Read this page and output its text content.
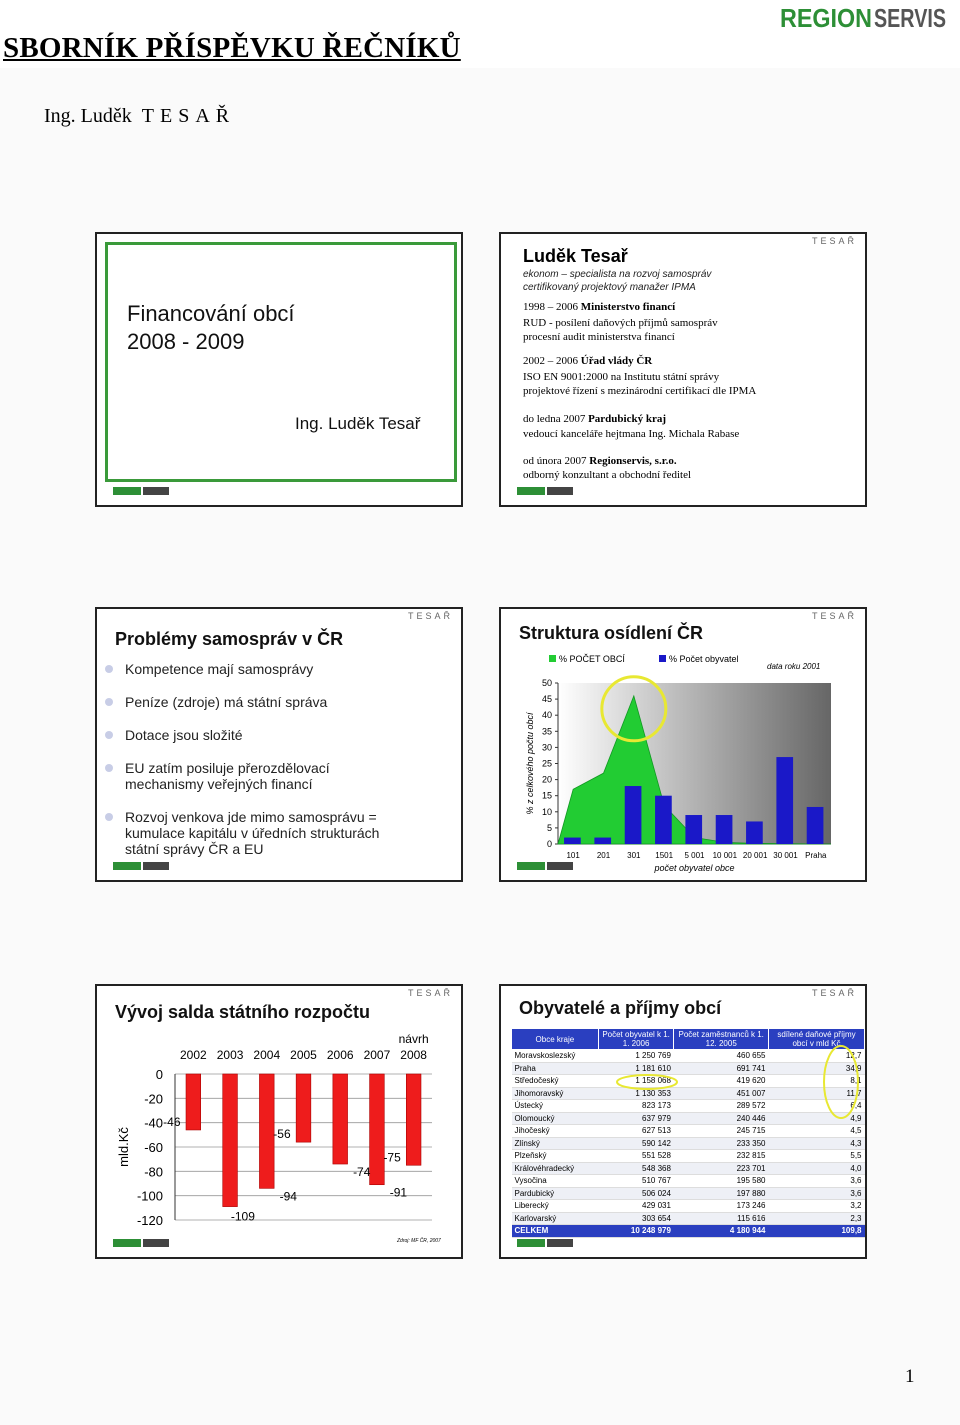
SBORNÍK PŘÍSPĚVKU ŘEČNÍKŮ
REGION SERVIS
Ing. Luděk TESAŘ
Financování obcí
2008 - 2009
Ing. Luděk Tesař
TESAŘ
Luděk Tesař
ekonom – specialista na rozvoj samospráv
certifikovaný projektový manažer IPMA
1998 – 2006 Ministerstvo financí
RUD - posílení daňových příjmů samospráv
procesní audit ministerstva financí
2002 – 2006 Úřad vlády ČR
ISO EN 9001:2000 na Institutu státní správy
projektové řízení s mezinárodní certifikací dle IPMA
do ledna 2007 Pardubický kraj
vedoucí kanceláře hejtmana Ing. Michala Rabase
od února 2007 Regionservis, s.r.o.
odborný konzultant a obchodní ředitel
TESAŘ
Problémy samospráv v ČR
Kompetence mají samosprávy
Peníze (zdroje) má státní správa
Dotace jsou složité
EU zatím posiluje přerozdělovací mechanismy veřejných financí
Rozvoj venkova jde mimo samosprávu = kumulace kapitálu v úředních strukturách státní správy ČR a EU
TESAŘ
Struktura osídlení ČR
0
5
10
15
20
25
30
35
40
45
50
101 201 301 1501 5 001 10 001 20 001 30 001 Praha
počet obyvatel obce
% z celkového počtu obcí
% POČET OBCÍ	% Počet obyvatel
data roku 2001
TESAŘ
Vývoj salda státního rozpočtu
0
-20
-40
-60
-80
-100
-120
mld.Kč
2002 2003 2004 2005 2006 2007 2008
návrh
-46
-109
-94
-56
-74
-91
-75
Zdroj: MF ČR, 2007
TESAŘ
Obyvatelé a příjmy obcí
Obce kraje	Počet obyvatel k 1. 1. 2006	Počet zaměstnanců k 1. 12. 2005	sdílené daňové příjmy obcí v mld Kč
Moravskoslezský	1 250 769	460 655	12,7
Praha	1 181 610	691 741	34,9
Středočeský	1 158 068	419 620	8,1
Jihomoravský	1 130 353	451 007	11,7
Ústecký	823 173	289 572	6,4
Olomoucký	637 979	240 446	4,9
Jihočeský	627 513	245 715	4,5
Zlínský	590 142	233 350	4,3
Plzeňský	551 528	232 815	5,5
Královéhradecký	548 368	223 701	4,0
Vysočina	510 767	195 580	3,6
Pardubický	506 024	197 880	3,6
Liberecký	429 031	173 246	3,2
Karlovarský	303 654	115 616	2,3
CELKEM	10 248 979	4 180 944	109,8
1
